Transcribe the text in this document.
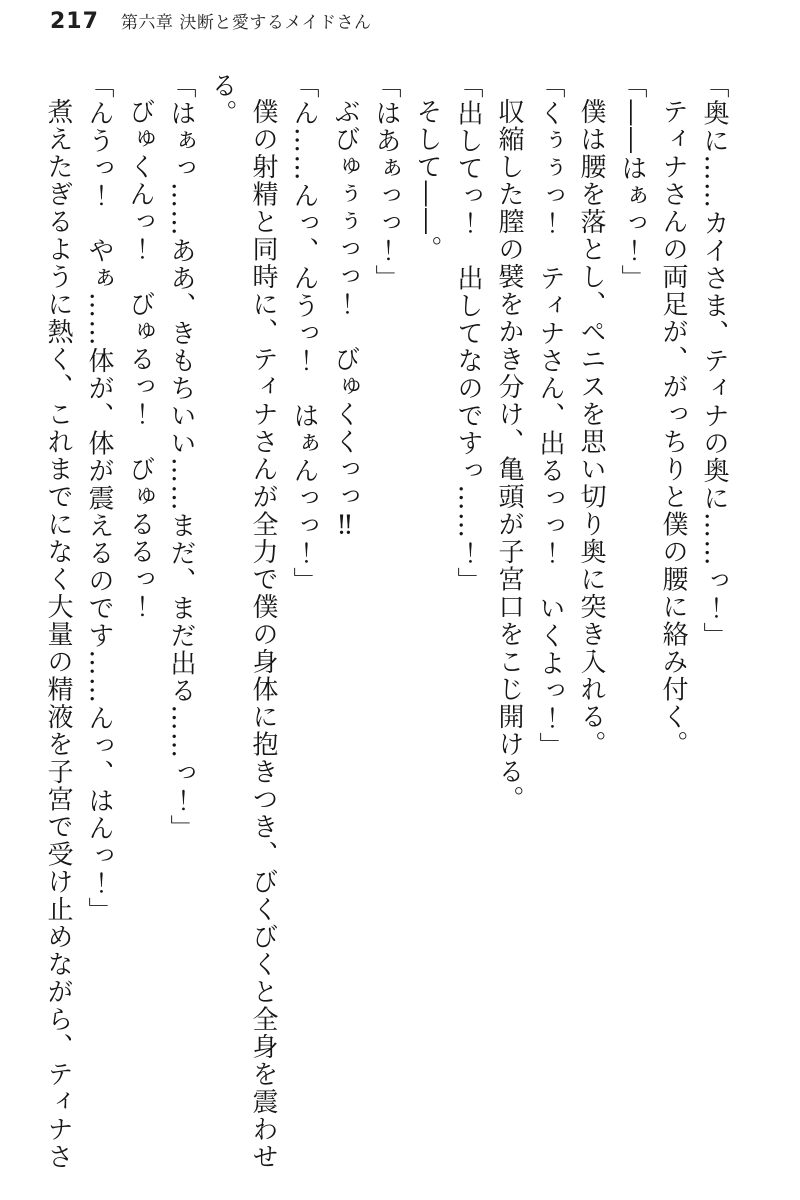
217 第六章 決断と愛するメイドさん

「奥に……カイさま、ティナの奥に……っ！」

ティナさんの両足が、がっちりと僕の腰に絡み付く。

「――はぁっ！」

僕は腰を落とし、ペニスを思い切り奥に突き入れる。

「くぅぅっ！　ティナさん、出るっっ！　いくよっ！」

収縮した膣の襞をかき分け、亀頭が子宮口をこじ開ける。

「出してっ！　出してなのですっ……！」

そして――。

「はあぁっっ！」

ぶびゅぅぅっっ！　びゅくくっっ‼

「ん……んっ、んうっ！　はぁんっっ！」

僕の射精と同時に、ティナさんが全力で僕の身体に抱きつき、びくびくと全身を震わせる。

「はぁっ……ああ、きもちいい……まだ、まだ出る……っ！」

びゅくんっ！　びゅるっ！　びゅるるっ！

「んうっ！　やぁ……体が、体が震えるのです……んっ、はんっ！」

煮えたぎるように熱く、これまでになく大量の精液を子宮で受け止めながら、ティナさ
